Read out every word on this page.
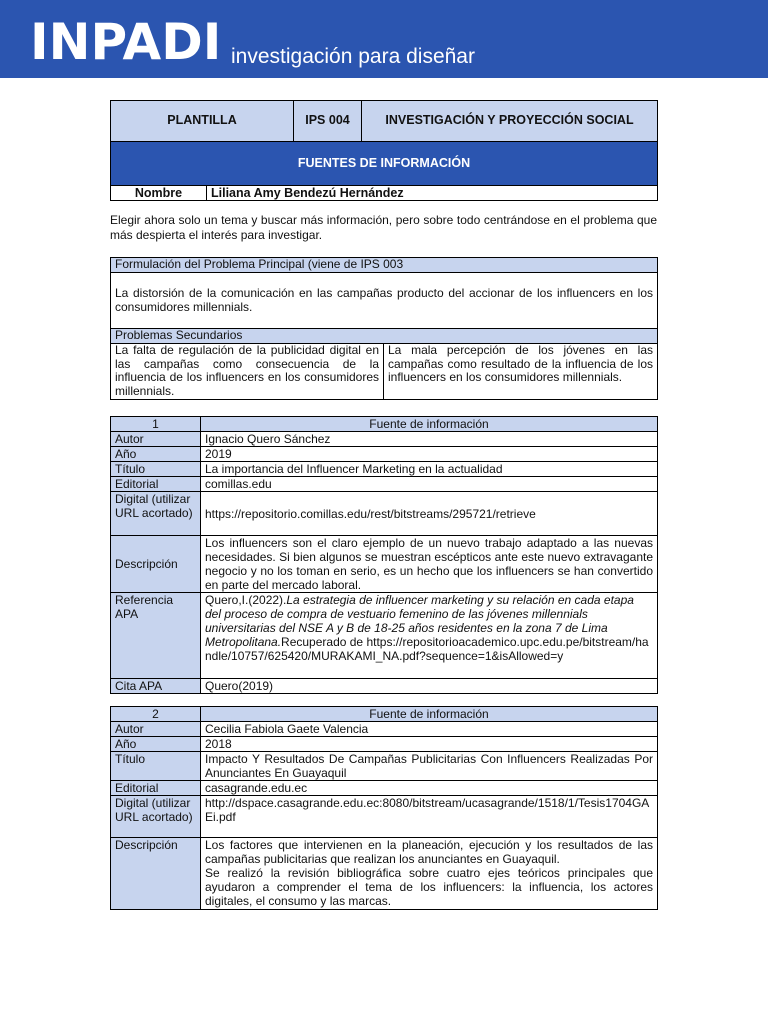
INPADI investigación para diseñar
PLANTILLA	IPS 004	INVESTIGACIÓN Y PROYECCIÓN SOCIAL
FUENTES DE INFORMACIÓN
Nombre	Liliana Amy Bendezú Hernández
Elegir ahora solo un tema y buscar más información, pero sobre todo centrándose en el problema que más despierta el interés para investigar.
Formulación del Problema Principal (viene de IPS 003
La distorsión de la comunicación en las campañas producto del accionar de los influencers en los consumidores millennials.
Problemas Secundarios
La falta de regulación de la publicidad digital en las campañas como consecuencia de la influencia de los influencers en los consumidores millennials.	La mala percepción de los jóvenes en las campañas como resultado de la influencia de los influencers en los consumidores millennials.
1	Fuente de información
Autor	Ignacio Quero Sánchez
Año	2019
Título	La importancia del Influencer Marketing en la actualidad
Editorial	comillas.edu
Digital (utilizar URL acortado)	https://repositorio.comillas.edu/rest/bitstreams/295721/retrieve
Descripción	Los influencers son el claro ejemplo de un nuevo trabajo adaptado a las nuevas necesidades. Si bien algunos se muestran escépticos ante este nuevo extravagante negocio y no los toman en serio, es un hecho que los influencers se han convertido en parte del mercado laboral.
Referencia APA	Quero,I.(2022).La estrategia de influencer marketing y su relación en cada etapa del proceso de compra de vestuario femenino de las jóvenes millennials universitarias del NSE A y B de 18-25 años residentes en la zona 7 de Lima Metropolitana.Recuperado de https://repositorioacademico.upc.edu.pe/bitstream/handle/10757/625420/MURAKAMI_NA.pdf?sequence=1&isAllowed=y
Cita APA	Quero(2019)
2	Fuente de información
Autor	Cecilia Fabiola Gaete Valencia
Año	2018
Título	Impacto Y Resultados De Campañas Publicitarias Con Influencers Realizadas Por Anunciantes En Guayaquil
Editorial	casagrande.edu.ec
Digital (utilizar URL acortado)	http://dspace.casagrande.edu.ec:8080/bitstream/ucasagrande/1518/1/Tesis1704GAEi.pdf
Descripción	Los factores que intervienen en la planeación, ejecución y los resultados de las campañas publicitarias que realizan los anunciantes en Guayaquil.
Se realizó la revisión bibliográfica sobre cuatro ejes teóricos principales que ayudaron a comprender el tema de los influencers: la influencia, los actores digitales, el consumo y las marcas.
